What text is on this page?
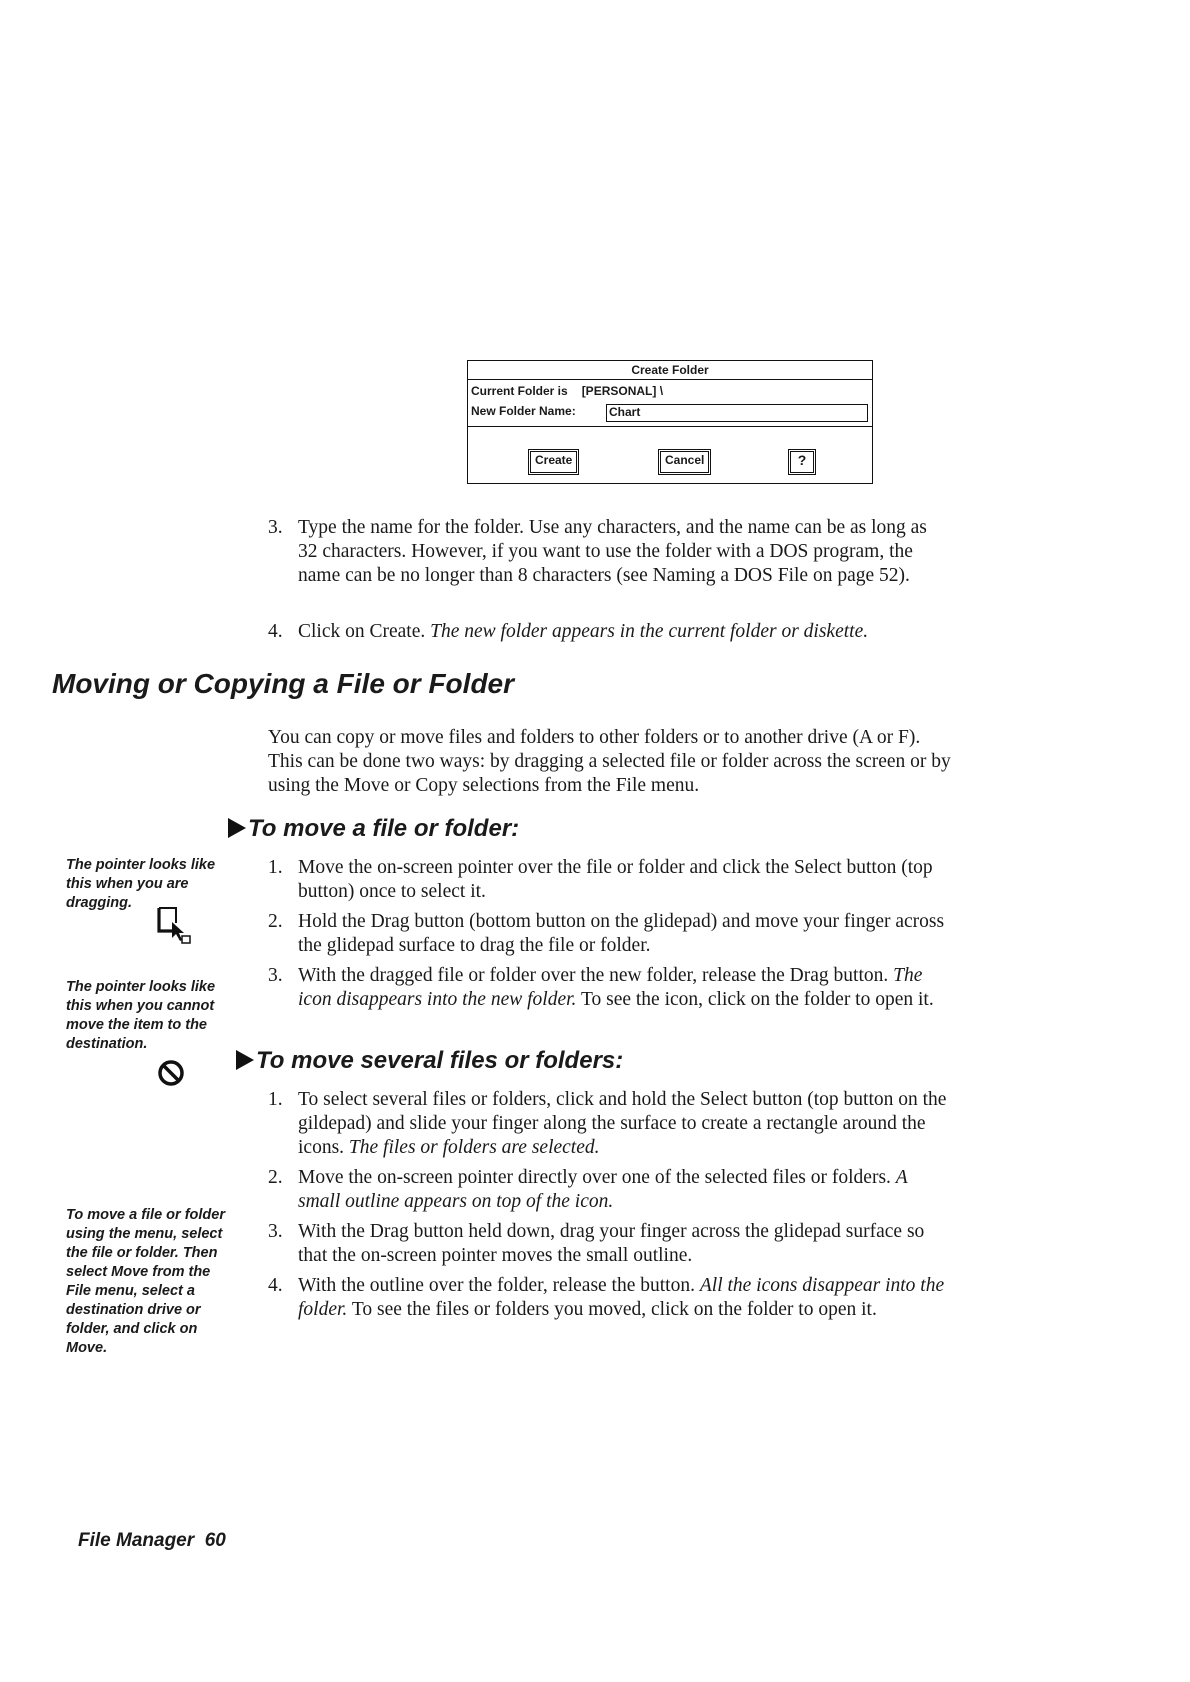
Create Folder
Current Folder is [PERSONAL] \
New Folder Name:	Chart
Create	Cancel	?
3. Type the name for the folder. Use any characters, and the name can be as long as 32 characters. However, if you want to use the folder with a DOS program, the name can be no longer than 8 characters (see Naming a DOS File on page 52).
4. Click on Create. The new folder appears in the current folder or diskette.
Moving or Copying a File or Folder
You can copy or move files and folders to other folders or to another drive (A or F). This can be done two ways: by dragging a selected file or folder across the screen or by using the Move or Copy selections from the File menu.
To move a file or folder:
1. Move the on-screen pointer over the file or folder and click the Select button (top button) once to select it.
2. Hold the Drag button (bottom button on the glidepad) and move your finger across the glidepad surface to drag the file or folder.
3. With the dragged file or folder over the new folder, release the Drag button. The icon disappears into the new folder. To see the icon, click on the folder to open it.
To move several files or folders:
1. To select several files or folders, click and hold the Select button (top button on the gildepad) and slide your finger along the surface to create a rectangle around the icons. The files or folders are selected.
2. Move the on-screen pointer directly over one of the selected files or folders. A small outline appears on top of the icon.
3. With the Drag button held down, drag your finger across the glidepad surface so that the on-screen pointer moves the small outline.
4. With the outline over the folder, release the button. All the icons disappear into the folder. To see the files or folders you moved, click on the folder to open it.
The pointer looks like this when you are dragging.
The pointer looks like this when you cannot move the item to the destination.
To move a file or folder using the menu, select the file or folder. Then select Move from the File menu, select a destination drive or folder, and click on Move.
File Manager  60
